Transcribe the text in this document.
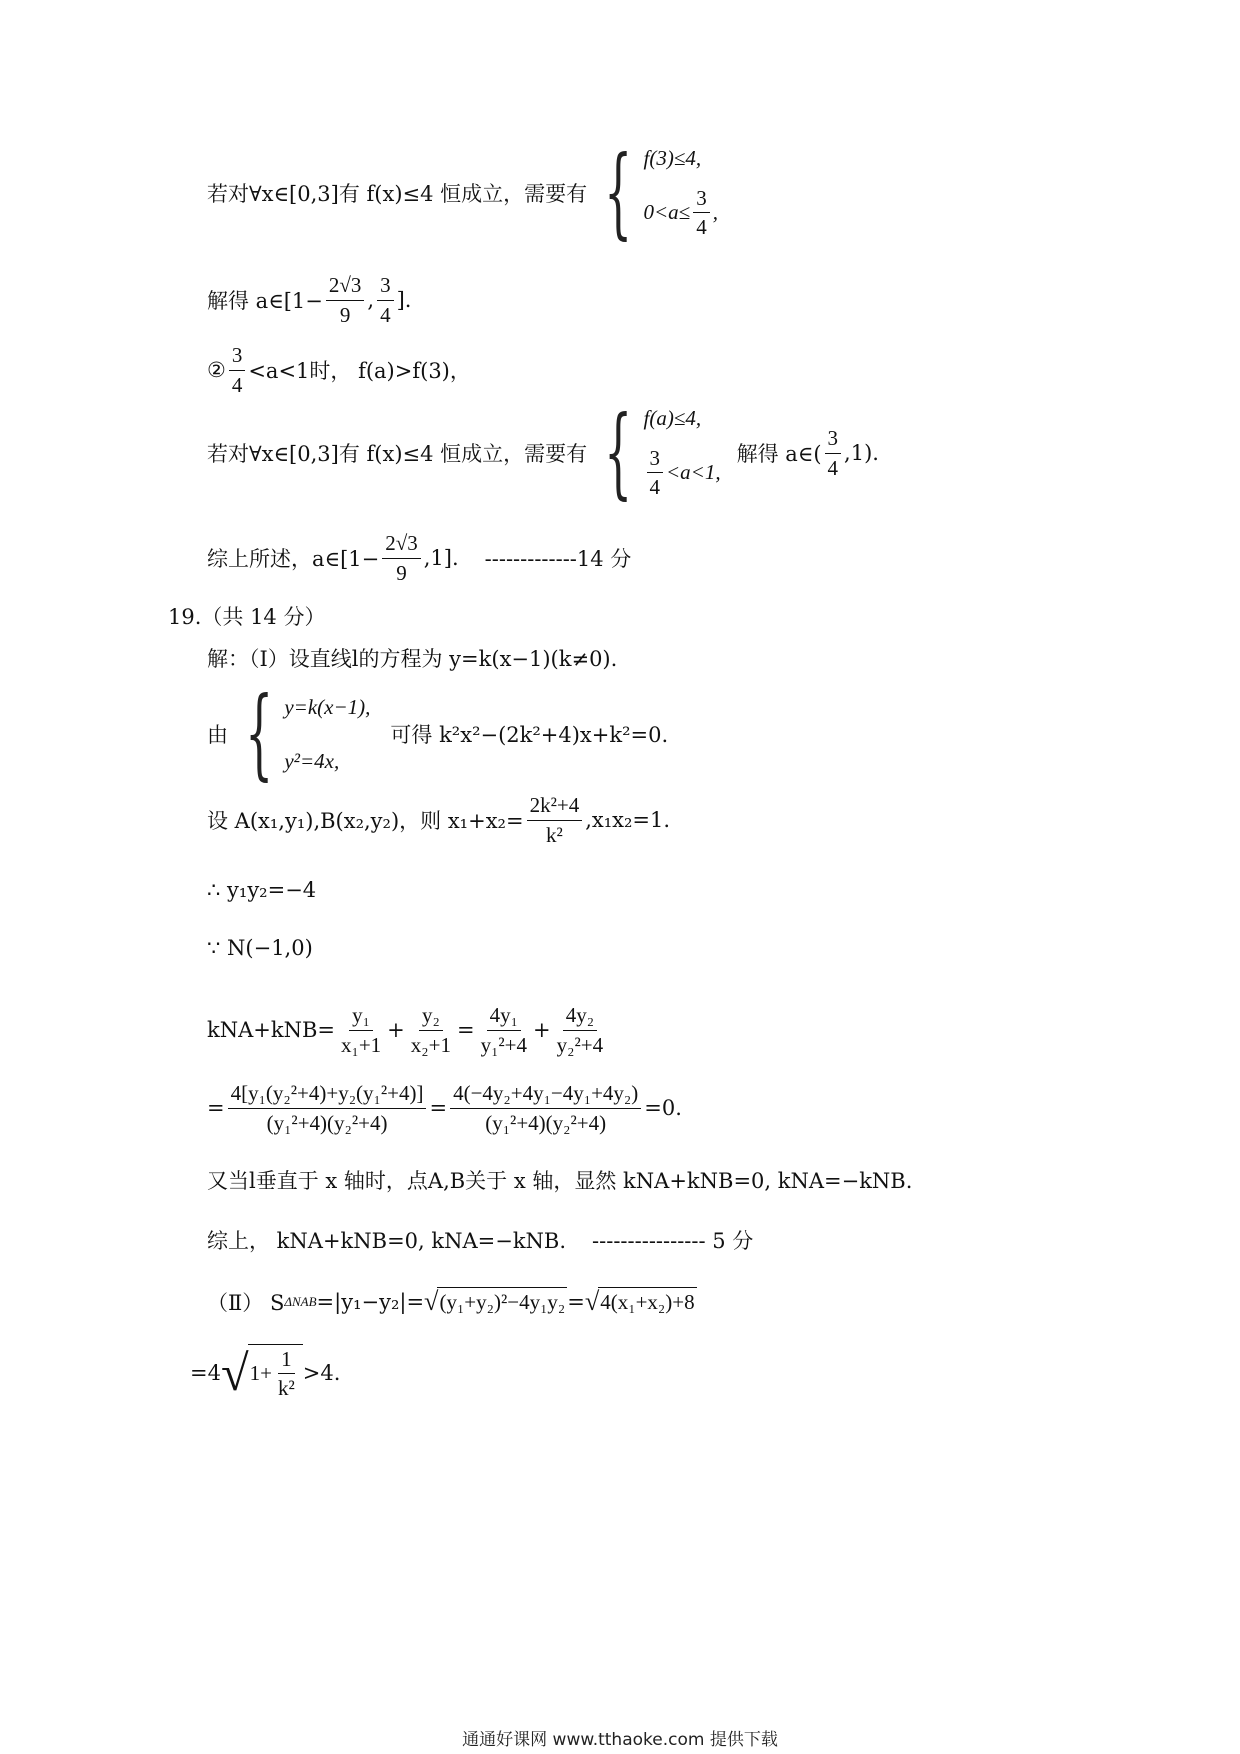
若对∀x∈[0,3]有 f(x)≤4 恒成立，需要有 { f(3)≤4,
$0<a\le \frac{3}{4}$ ,
解得 a∈[1− $\frac{2√3}{9}$ , $\frac{3}{4}$ ].
② $\frac{3}{4} <a<1$时， f(a)>f(3)，
若对∀x∈[0,3]有 f(x)≤4 恒成立，需要有 { f(a)≤4,
$\frac{3}{4} <a<1$,
解得 a∈( $\frac{3}{4} ,1$).
综上所述，a∈[1− $\frac{2√3}{9} ,1$]. -------------14 分
19.（共 14 分）
解：（Ⅰ）设直线l的方程为 y=k(x−1)(k≠0).
由 { y=k(x−1),
y²=4x,
可得 k²x²−(2k²+4)x+k²=0.
设 A(x₁,y₁),B(x₂,y₂)，则 $x_1+x_2= \frac{\text{2k²+4}}{\text{k²}} ,x_1x_2=1$.
∴ y₁y₂=−4
∵ N(−1,0)
$kNA+kNB= \frac{\text{y₁}}{\text{x₁+1}} + \frac{\text{y₂}}{\text{x₂+1}} = \frac{\text{4y₁}}{\text{y₁²+4}} + \frac{\text{4y₂}}{\text{y₂²+4}}$
= $\frac{\text{4[y₁(y₂²+4)+y₂(y₁²+4)]}}{\text{(y₁²+4)(y₂²+4)}} = \frac{\text{4(−4y₂+4y₁−4y₁+4y₂)}}{\text{(y₁²+4)(y₂²+4)}} =0$.
又当l垂直于 x 轴时，点A,B关于 x 轴，显然 kNA+kNB=0, kNA=−kNB.
综上， kNA+kNB=0, kNA=−kNB. ---------------- 5 分
（Ⅱ） S ΔNAB =|y₁−y₂|= √ (y₁+y₂)²−4y₁y₂ = √ 4(x₁+x₂)+8
=4 √ $1+ \frac{1}{\text{k²}} >4$.
通通好课网 www.tthaoke.com 提供下载
